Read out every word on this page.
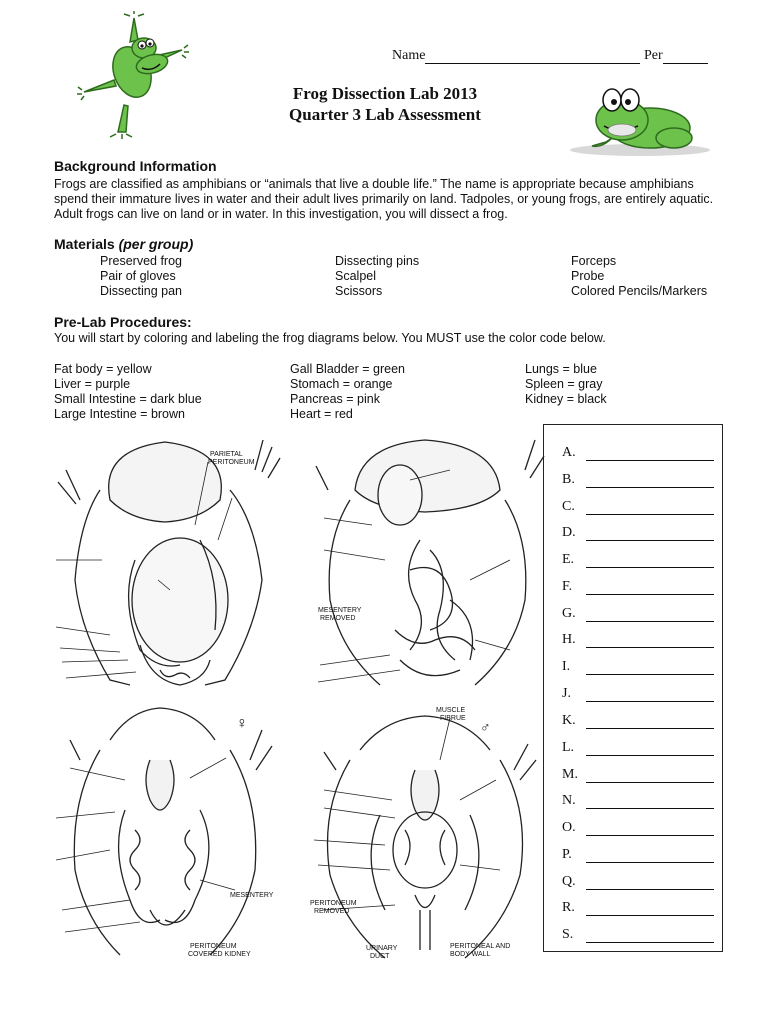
Name	Per
Frog Dissection Lab 2013
Quarter 3 Lab Assessment
Background Information
Frogs are classified as amphibians or “animals that live a double life.” The name is appropriate because amphibians spend their immature lives in water and their adult lives primarily on land. Tadpoles, or young frogs, are entirely aquatic. Adult frogs can live on land or in water. In this investigation, you will dissect a frog.
Materials (per group)
Preserved frog
Pair of gloves
Dissecting pan
Dissecting pins
Scalpel
Scissors
Forceps
Probe
Colored Pencils/Markers
Pre-Lab Procedures:
You will start by coloring and labeling the frog diagrams below. You MUST use the color code below.
Fat body = yellow
Liver = purple
Small Intestine = dark blue
Large Intestine = brown
Gall Bladder = green
Stomach = orange
Pancreas = pink
Heart = red
Lungs = blue
Spleen = gray
Kidney = black
PARIETAL
PERITONEUM
MESENTERY
REMOVED
♀
MESENTERY
PERITONEUM
COVERED KIDNEY
♂
MUSCLE
FIBRUE
PERITONEUM
REMOVED
URINARY
DUCT
PERITONEAL AND
BODY WALL
A.
B.
C.
D.
E.
F.
G.
H.
I.
J.
K.
L.
M.
N.
O.
P.
Q.
R.
S.
